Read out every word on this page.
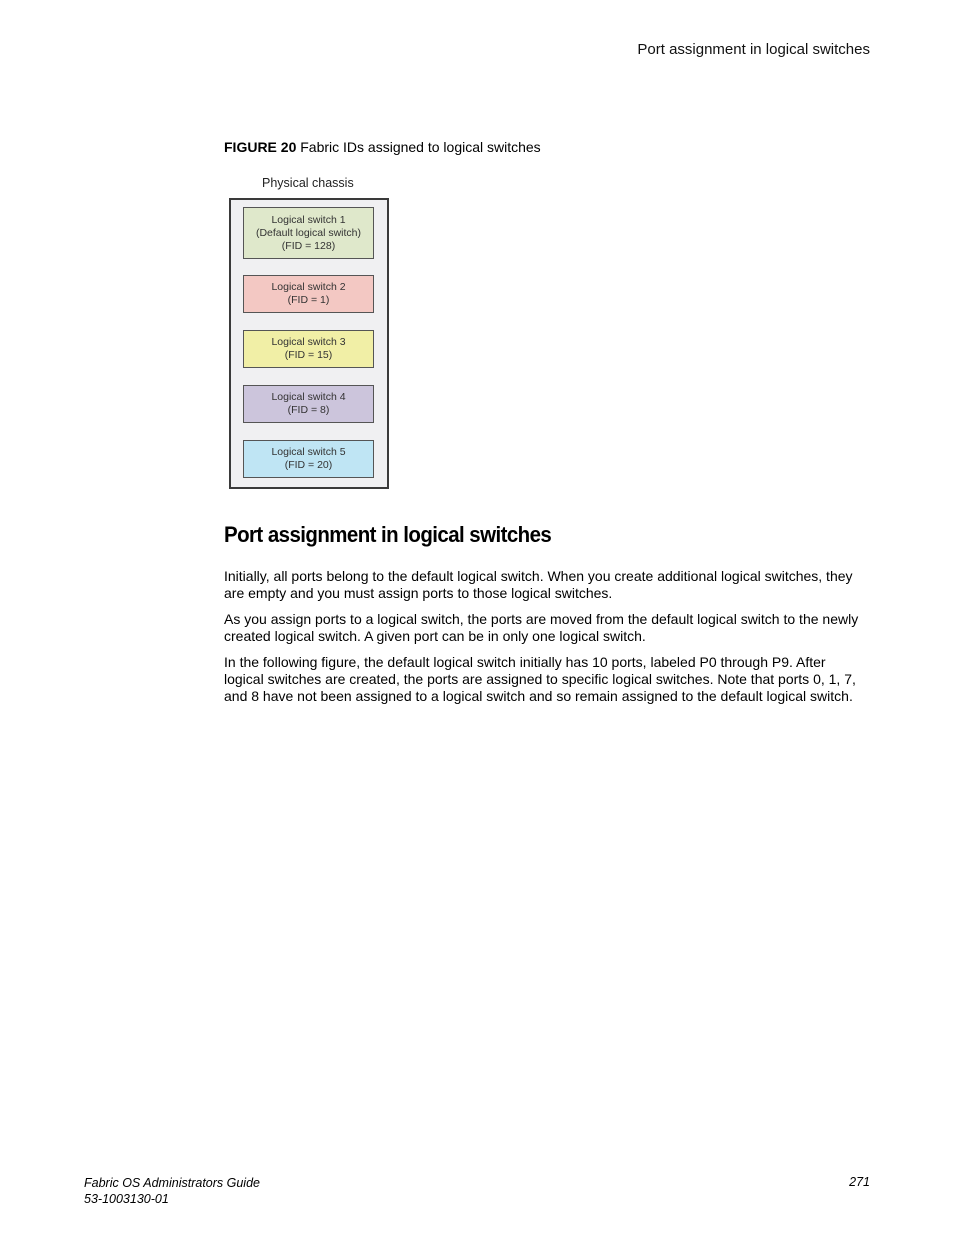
Port assignment in logical switches
FIGURE 20 Fabric IDs assigned to logical switches
Physical chassis
Logical switch 1
(Default logical switch)
(FID = 128)
Logical switch 2
(FID = 1)
Logical switch 3
(FID = 15)
Logical switch 4
(FID = 8)
Logical switch 5
(FID = 20)
Port assignment in logical switches

Initially, all ports belong to the default logical switch. When you create additional logical switches, they are empty and you must assign ports to those logical switches.

As you assign ports to a logical switch, the ports are moved from the default logical switch to the newly created logical switch. A given port can be in only one logical switch.

In the following figure, the default logical switch initially has 10 ports, labeled P0 through P9. After logical switches are created, the ports are assigned to specific logical switches. Note that ports 0, 1, 7, and 8 have not been assigned to a logical switch and so remain assigned to the default logical switch.

Fabric OS Administrators Guide
53-1003130-01
271
